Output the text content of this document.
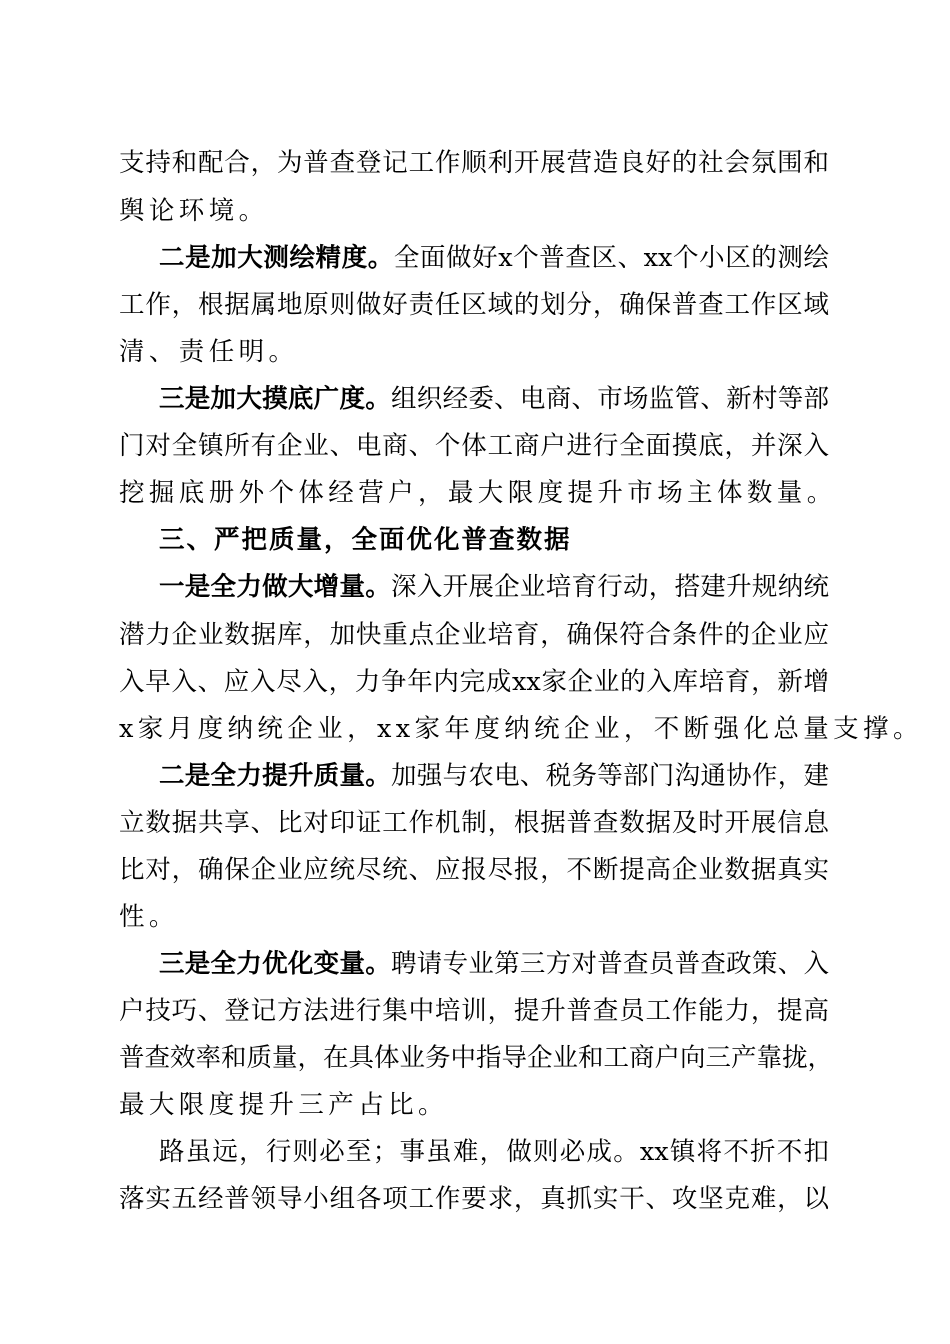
支持和配合，为普查登记工作顺利开展营造良好的社会氛围和
舆论环境。
二是加大测绘精度。全面做好x个普查区、xx个小区的测绘
工作，根据属地原则做好责任区域的划分，确保普查工作区域
清、责任明。
三是加大摸底广度。组织经委、电商、市场监管、新村等部
门对全镇所有企业、电商、个体工商户进行全面摸底，并深入
挖掘底册外个体经营户，最大限度提升市场主体数量。
三、严把质量，全面优化普查数据
一是全力做大增量。深入开展企业培育行动，搭建升规纳统
潜力企业数据库，加快重点企业培育，确保符合条件的企业应
入早入、应入尽入，力争年内完成xx家企业的入库培育，新增
x家月度纳统企业，xx家年度纳统企业，不断强化总量支撑。
二是全力提升质量。加强与农电、税务等部门沟通协作，建
立数据共享、比对印证工作机制，根据普查数据及时开展信息
比对，确保企业应统尽统、应报尽报，不断提高企业数据真实
性。
三是全力优化变量。聘请专业第三方对普查员普查政策、入
户技巧、登记方法进行集中培训，提升普查员工作能力，提高
普查效率和质量，在具体业务中指导企业和工商户向三产靠拢，
最大限度提升三产占比。
路虽远，行则必至；事虽难，做则必成。xx镇将不折不扣
落实五经普领导小组各项工作要求，真抓实干、攻坚克难，以
